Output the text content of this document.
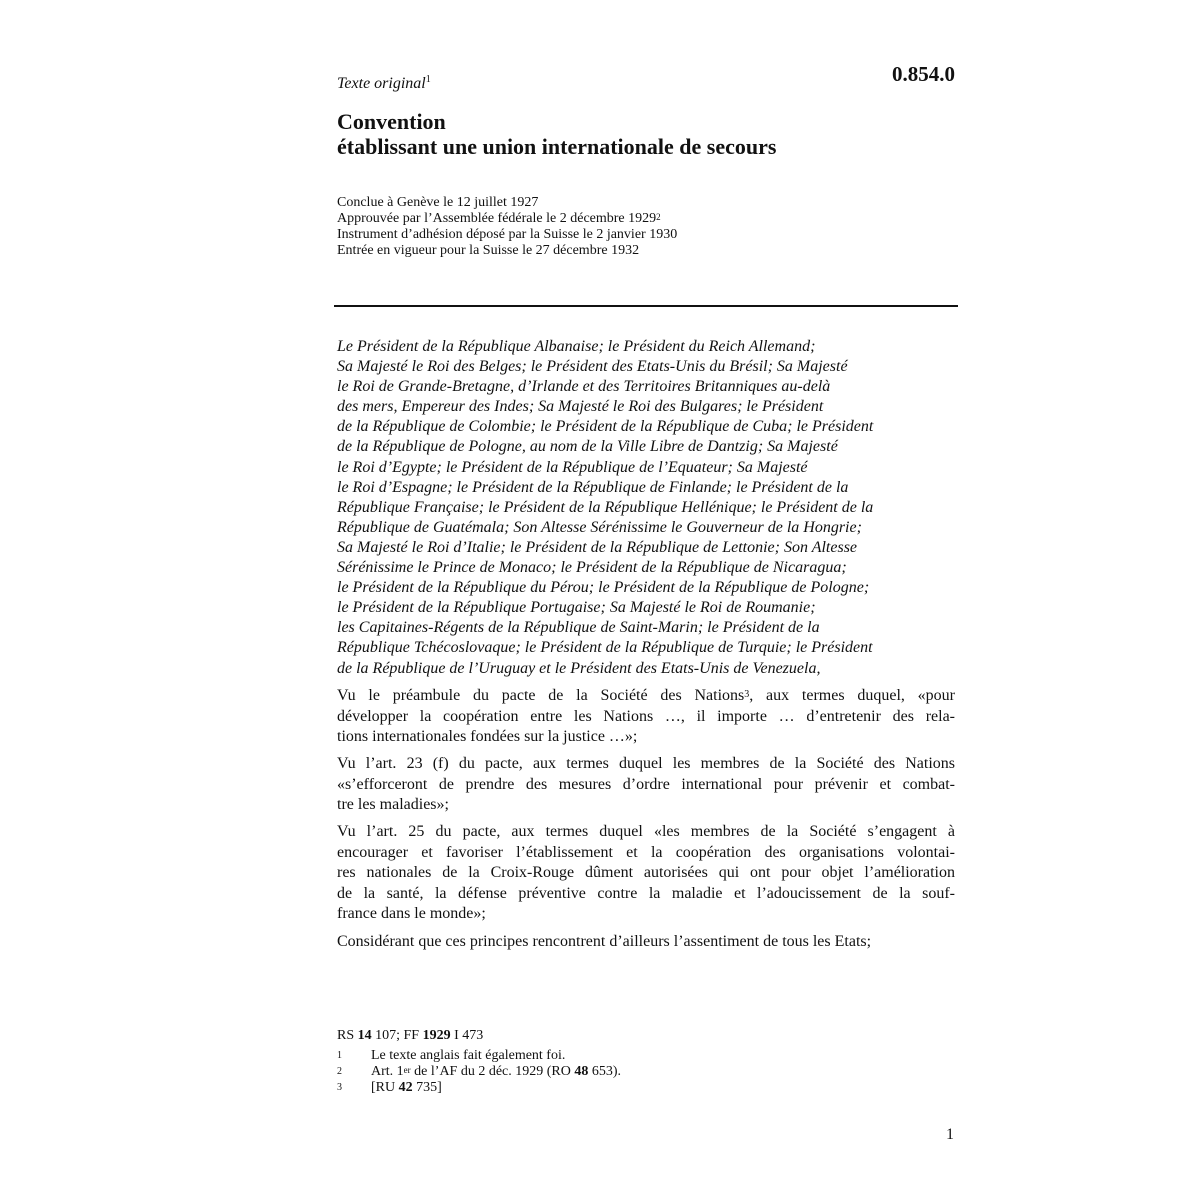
Texte original$^1$	0.854.0
Convention
établissant une union internationale de secours
Conclue à Genève le 12 juillet 1927
Approuvée par l’Assemblée fédérale le 2 décembre 1929$^2$
Instrument d’adhésion déposé par la Suisse le 2 janvier 1930
Entrée en vigueur pour la Suisse le 27 décembre 1932
Le Président de la République Albanaise; le Président du Reich Allemand;
Sa Majesté le Roi des Belges; le Président des Etats-Unis du Brésil; Sa Majesté
le Roi de Grande-Bretagne, d’Irlande et des Territoires Britanniques au-delà
des mers, Empereur des Indes; Sa Majesté le Roi des Bulgares; le Président
de la République de Colombie; le Président de la République de Cuba; le Président
de la République de Pologne, au nom de la Ville Libre de Dantzig; Sa Majesté
le Roi d’Egypte; le Président de la République de l’Equateur; Sa Majesté
le Roi d’Espagne; le Président de la République de Finlande; le Président de la
République Française; le Président de la République Hellénique; le Président de la
République de Guatémala; Son Altesse Sérénissime le Gouverneur de la Hongrie;
Sa Majesté le Roi d’Italie; le Président de la République de Lettonie; Son Altesse
Sérénissime le Prince de Monaco; le Président de la République de Nicaragua;
le Président de la République du Pérou; le Président de la République de Pologne;
le Président de la République Portugaise; Sa Majesté le Roi de Roumanie;
les Capitaines-Régents de la République de Saint-Marin; le Président de la
République Tchécoslovaque; le Président de la République de Turquie; le Président
de la République de l’Uruguay et le Président des Etats-Unis de Venezuela,
Vu le préambule du pacte de la Société des Nations$^3$, aux termes duquel, «pour
développer la coopération entre les Nations …, il importe … d’entretenir des rela-
tions internationales fondées sur la justice …»;
Vu l’art. 23 (f) du pacte, aux termes duquel les membres de la Société des Nations
«s’efforceront de prendre des mesures d’ordre international pour prévenir et combat-
tre les maladies»;
Vu l’art. 25 du pacte, aux termes duquel «les membres de la Société s’engagent à
encourager et favoriser l’établissement et la coopération des organisations volontai-
res nationales de la Croix-Rouge dûment autorisées qui ont pour objet l’amélioration
de la santé, la défense préventive contre la maladie et l’adoucissement de la souf-
france dans le monde»;
Considérant que ces principes rencontrent d’ailleurs l’assentiment de tous les Etats;
RS 14 107; FF 1929 I 473
1 Le texte anglais fait également foi.
2 Art. 1er de l’AF du 2 déc. 1929 (RO 48 653).
3 [RU 42 735]
1
